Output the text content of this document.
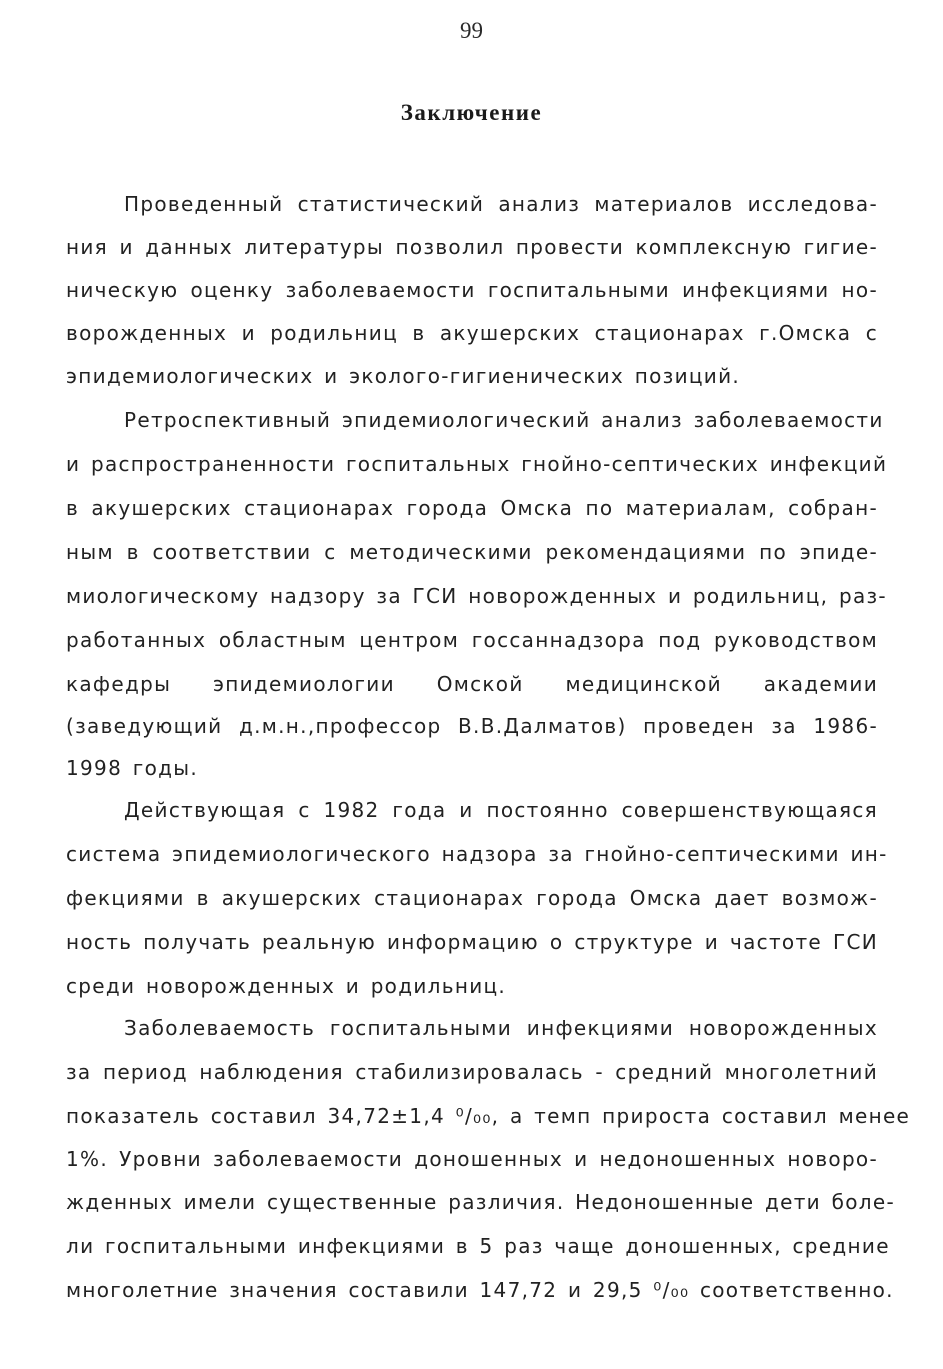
99
Заключение
Проведенный статистический анализ материалов исследова-
ния и данных литературы позволил провести комплексную гигие-
ническую оценку заболеваемости госпитальными инфекциями но-
ворожденных и родильниц в акушерских стационарах г.Омска с
эпидемиологических и эколого-гигиенических позиций.
Ретроспективный эпидемиологический анализ заболеваемости
и распространенности госпитальных гнойно-септических инфекций
в акушерских стационарах города Омска по материалам, собран-
ным в соответствии с методическими рекомендациями по эпиде-
миологическому надзору за ГСИ новорожденных и родильниц, раз-
работанных областным центром госсаннадзора под руководством
кафедры эпидемиологии Омской медицинской академии
(заведующий д.м.н.,профессор В.В.Далматов) проведен за 1986-
1998 годы.
Действующая с 1982 года и постоянно совершенствующаяся
система эпидемиологического надзора за гнойно-септическими ин-
фекциями в акушерских стационарах города Омска дает возмож-
ность получать реальную информацию о структуре и частоте ГСИ
среди новорожденных и родильниц.
Заболеваемость госпитальными инфекциями новорожденных
за период наблюдения стабилизировалась - средний многолетний
показатель составил 34,72±1,4 ⁰/₀₀, а темп прироста составил менее
1%. Уровни заболеваемости доношенных и недоношенных новоро-
жденных имели существенные различия. Недоношенные дети боле-
ли госпитальными инфекциями в 5 раз чаще доношенных, средние
многолетние значения составили 147,72 и 29,5 ⁰/₀₀ соответственно.
